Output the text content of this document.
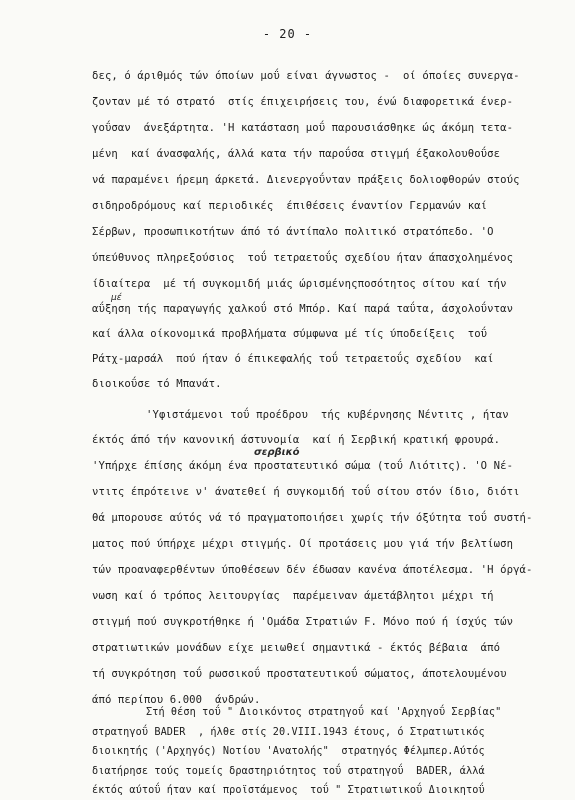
- 20 -
δες, ό άριθμός τών όποίων μοΰ είναι άγνωστος -  οί όποίες συνεργα-
ζονταν μέ τό στρατό  στίς έπιχειρήσεις του, ένώ διαφορετικά ένερ-
γοΰσαν  άνεξάρτητα. 'Η κατάσταση μοΰ παρουσιάσθηκε ώς άκόμη τετα-
μένη  καί άνασφαλής, άλλά κατα τήν παροΰσα στιγμή έξακολουθοΰσε
νά παραμένει ήρεμη άρκετά. Διενεργοΰνταν πράξεις δολιοφθορών στούς
σιδηροδρόμους καί περιοδικές  έπιθέσεις έναντίον Γερμανών καί
Σέρβων, προσωπικοτήτων άπό τό άντίπαλο πολιτικό στρατόπεδο. 'Ο
ύπεύθυνος πληρεξούσιος  τοΰ τετραετοΰς σχεδίου ήταν άπασχολημένος
ίδιαίτερα  μέ τή συγκομιδή μιάς ώρισμένηςποσότητος σίτου καί τήν
αΰξηση τής παραγωγής χαλκοΰ στό Μπόρ. Καί παρά ταΰτα, άσχολοΰνταν
μέ
καί άλλα οίκονομικά προβλήματα σύμφωνα μέ τίς ύποδείξεις  τοΰ
Ράτχ-μαρσάλ  πού ήταν ό έπικεφαλής τοΰ τετραετοΰς σχεδίου  καί
διοικοΰσε τό Μπανάτ.
'Υφιστάμενοι τοΰ προέδρου  τής κυβέρνησης Νέντιτς , ήταν
έκτός άπό τήν κανονική άστυνομία  καί ή Σερβική κρατική φρουρά.
σερβικό
'Υπήρχε έπίσης άκόμη ένα προστατευτικό σώμα (τοΰ Λιότιτς). 'Ο Νέ-
ντιτς έπρότεινε ν' άνατεθεί ή συγκομιδή τοΰ σίτου στόν ίδιο, διότι
θά μπορουσε αύτός νά τό πραγματοποιήσει χωρίς τήν όξύτητα τοΰ συστή-
ματος πού ύπήρχε μέχρι στιγμής. Οί προτάσεις μου γιά τήν βελτίωση
τών προαναφερθέντων ύποθέσεων δέν έδωσαν κανένα άποτέλεσμα. 'Η όργά-
νωση καί ό τρόπος λειτουργίας  παρέμειναν άμετάβλητοι μέχρι τή
στιγμή πού συγκροτήθηκε ή 'Ομάδα Στρατιών F. Μόνο πού ή ίσχύς τών
στρατιωτικών μονάδων είχε μειωθεί σημαντικά - έκτός βέβαια  άπό
τή συγκρότηση τοΰ ρωσσικοΰ προστατευτικοΰ σώματος, άποτελουμένου
άπό περίπου 6.000  άνδρών.
Στή θέση τοΰ " Διοικόντος στρατηγοΰ καί 'Αρχηγοΰ Σερβίας"
στρατηγοΰ BADER  , ήλθε στίς 20.VIII.1943 έτους, ό Στρατιωτικός
διοικητής ('Αρχηγός) Νοτίου 'Ανατολής"  στρατηγός Φέλμπερ.Αύτός
διατήρησε τούς τομείς δραστηριότητος τοΰ στρατηγοΰ  BADER, άλλά
έκτός αύτοΰ ήταν καί προϊστάμενος  τοΰ " Στρατιωτικοΰ Διοικητοΰ
